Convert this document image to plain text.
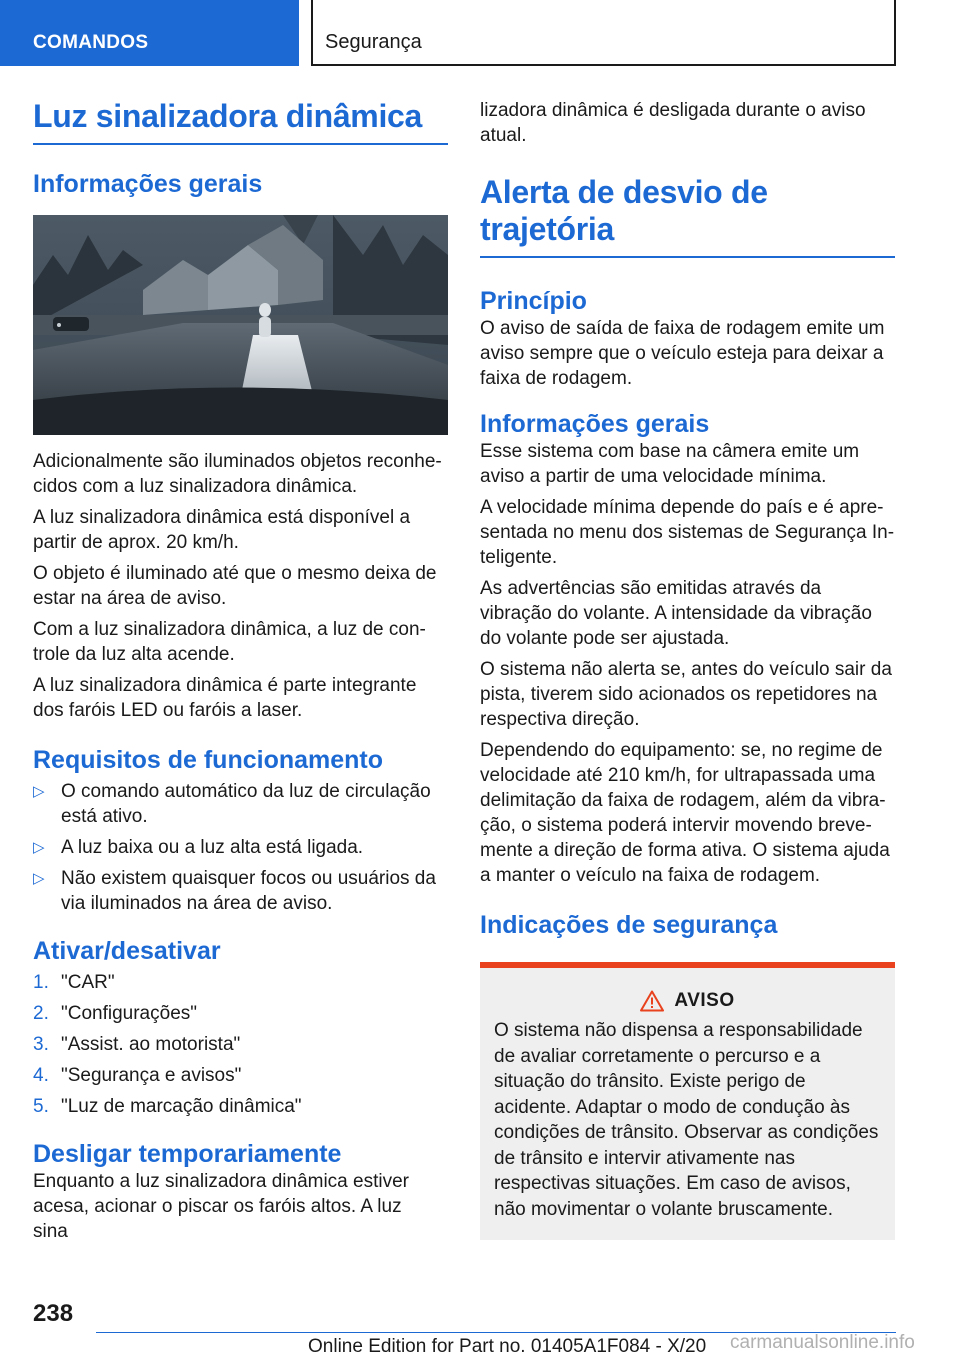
COMANDOS	Segurança
Luz sinalizadora dinâmica
Informações gerais

Adicionalmente são iluminados objetos reconhecidos com a luz sinalizadora dinâmica.

A luz sinalizadora dinâmica está disponível a partir de aprox. 20 km/h.

O objeto é iluminado até que o mesmo deixa de estar na área de aviso.

Com a luz sinalizadora dinâmica, a luz de controle da luz alta acende.

A luz sinalizadora dinâmica é parte integrante dos faróis LED ou faróis a laser.

Requisitos de funcionamento
▷ O comando automático da luz de circulação está ativo.
▷ A luz baixa ou a luz alta está ligada.
▷ Não existem quaisquer focos ou usuários da via iluminados na área de aviso.
Ativar/desativar
1. "CAR"
2. "Configurações"
3. "Assist. ao motorista"
4. "Segurança e avisos"
5. "Luz de marcação dinâmica"
Desligar temporariamente

Enquanto a luz sinalizadora dinâmica estiver acesa, acionar o piscar os faróis altos. A luz sina

lizadora dinâmica é desligada durante o aviso atual.

Alerta de desvio de trajetória
Princípio

O aviso de saída de faixa de rodagem emite um aviso sempre que o veículo esteja para deixar a faixa de rodagem.

Informações gerais

Esse sistema com base na câmera emite um aviso a partir de uma velocidade mínima.

A velocidade mínima depende do país e é apresentada no menu dos sistemas de Segurança Inteligente.

As advertências são emitidas através da vibração do volante. A intensidade da vibração do volante pode ser ajustada.

O sistema não alerta se, antes do veículo sair da pista, tiverem sido acionados os repetidores na respectiva direção.

Dependendo do equipamento: se, no regime de velocidade até 210 km/h, for ultrapassada uma delimitação da faixa de rodagem, além da vibração, o sistema poderá intervir movendo brevemente a direção de forma ativa. O sistema ajuda a manter o veículo na faixa de rodagem.

Indicações de segurança
AVISO

O sistema não dispensa a responsabilidade de avaliar corretamente o percurso e a situação do trânsito. Existe perigo de acidente. Adaptar o modo de condução às condições de trânsito. Observar as condições de trânsito e intervir ativamente nas respectivas situações. Em caso de avisos, não movimentar o volante bruscamente.

238
Online Edition for Part no. 01405A1F084 - X/20 carmanualsonline.info
